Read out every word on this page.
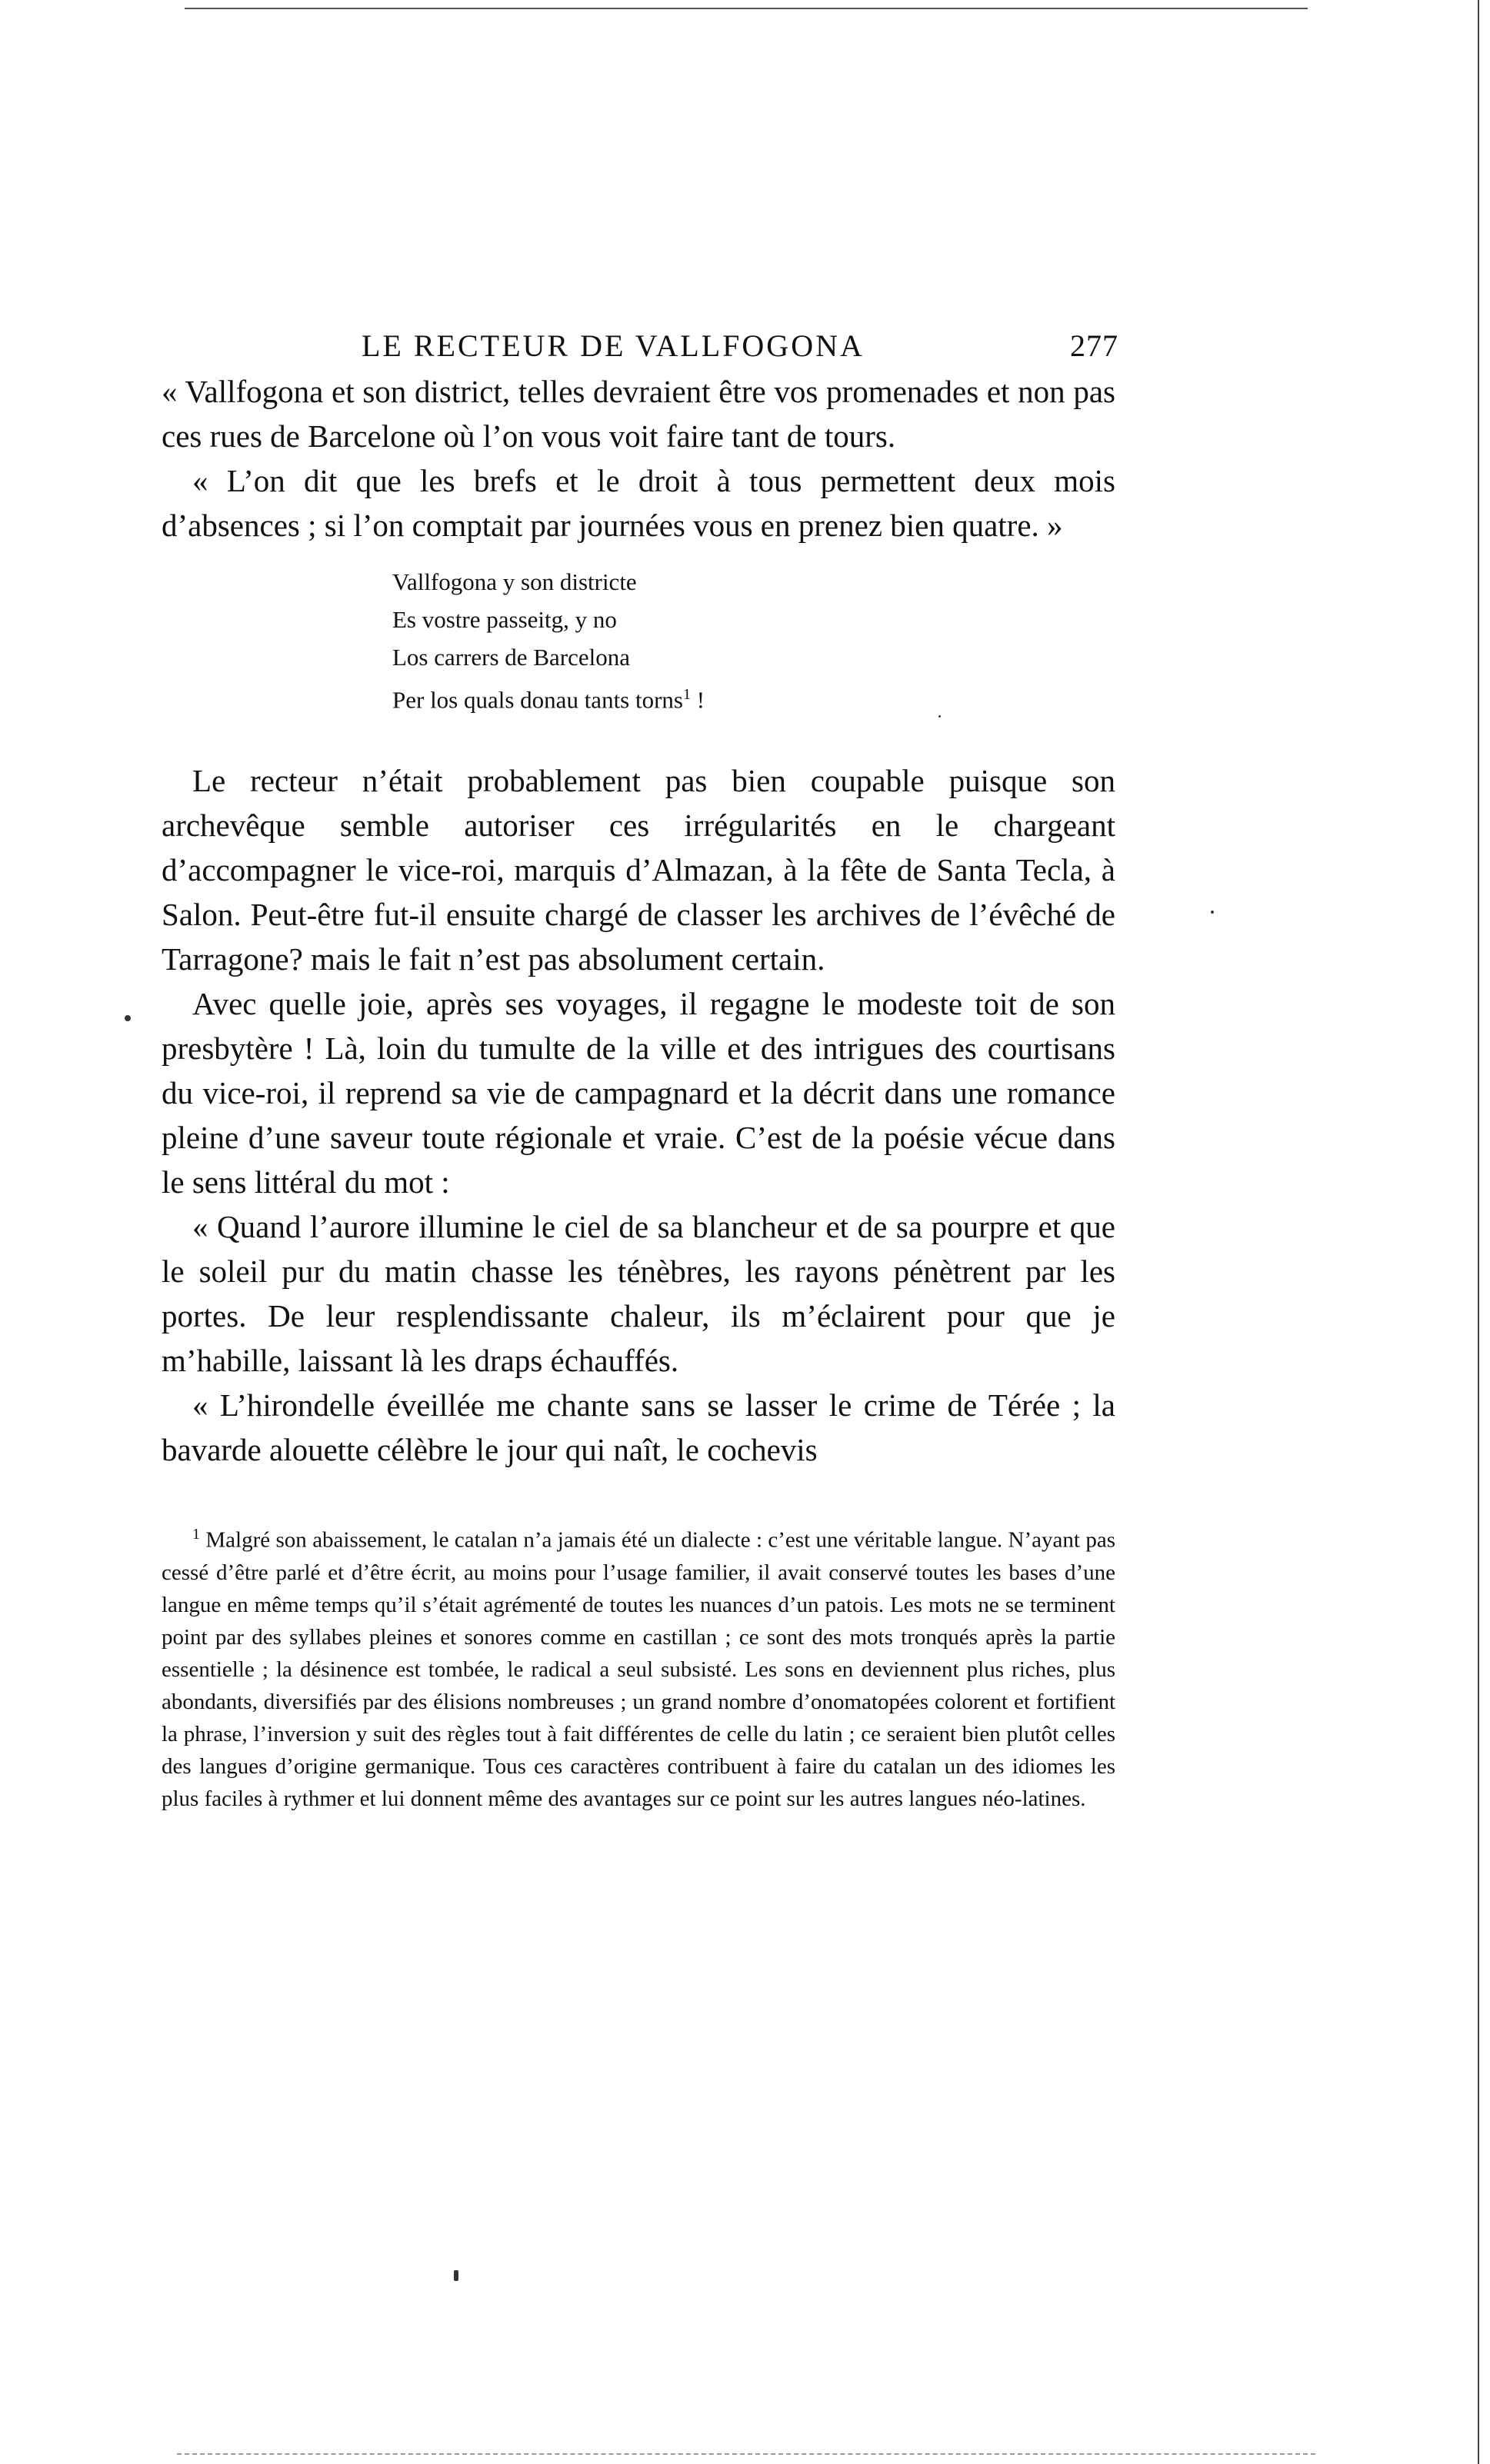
LE RECTEUR DE VALLFOGONA	277

« Vallfogona et son district, telles devraient être vos promenades et non pas ces rues de Barcelone où l’on vous voit faire tant de tours.

« L’on dit que les brefs et le droit à tous permettent deux mois d’absences ; si l’on comptait par journées vous en prenez bien quatre. »

Vallfogona y son districte
Es vostre passeitg, y no
Los carrers de Barcelona
Per los quals donau tants torns$^1$ !

Le recteur n’était probablement pas bien coupable puisque son archevêque semble autoriser ces irrégularités en le chargeant d’accompagner le vice-roi, marquis d’Almazan, à la fête de Santa Tecla, à Salon. Peut-être fut-il ensuite chargé de classer les archives de l’évêché de Tarragone? mais le fait n’est pas absolument certain.

Avec quelle joie, après ses voyages, il regagne le modeste toit de son presbytère ! Là, loin du tumulte de la ville et des intrigues des courtisans du vice-roi, il reprend sa vie de campagnard et la décrit dans une romance pleine d’une saveur toute régionale et vraie. C’est de la poésie vécue dans le sens littéral du mot :

« Quand l’aurore illumine le ciel de sa blancheur et de sa pourpre et que le soleil pur du matin chasse les ténèbres, les rayons pénètrent par les portes. De leur resplendissante chaleur, ils m’éclairent pour que je m’habille, laissant là les draps échauffés.

« L’hirondelle éveillée me chante sans se lasser le crime de Térée ; la bavarde alouette célèbre le jour qui naît, le cochevis

$^1$ Malgré son abaissement, le catalan n’a jamais été un dialecte : c’est une véritable langue. N’ayant pas cessé d’être parlé et d’être écrit, au moins pour l’usage familier, il avait conservé toutes les bases d’une langue en même temps qu’il s’était agrémenté de toutes les nuances d’un patois. Les mots ne se terminent point par des syllabes pleines et sonores comme en castillan ; ce sont des mots tronqués après la partie essentielle ; la désinence est tombée, le radical a seul subsisté. Les sons en deviennent plus riches, plus abondants, diversifiés par des élisions nombreuses ; un grand nombre d’onomatopées colorent et fortifient la phrase, l’inversion y suit des règles tout à fait différentes de celle du latin ; ce seraient bien plutôt celles des langues d’origine germanique. Tous ces caractères contribuent à faire du catalan un des idiomes les plus faciles à rythmer et lui donnent même des avantages sur ce point sur les autres langues néo-latines.
